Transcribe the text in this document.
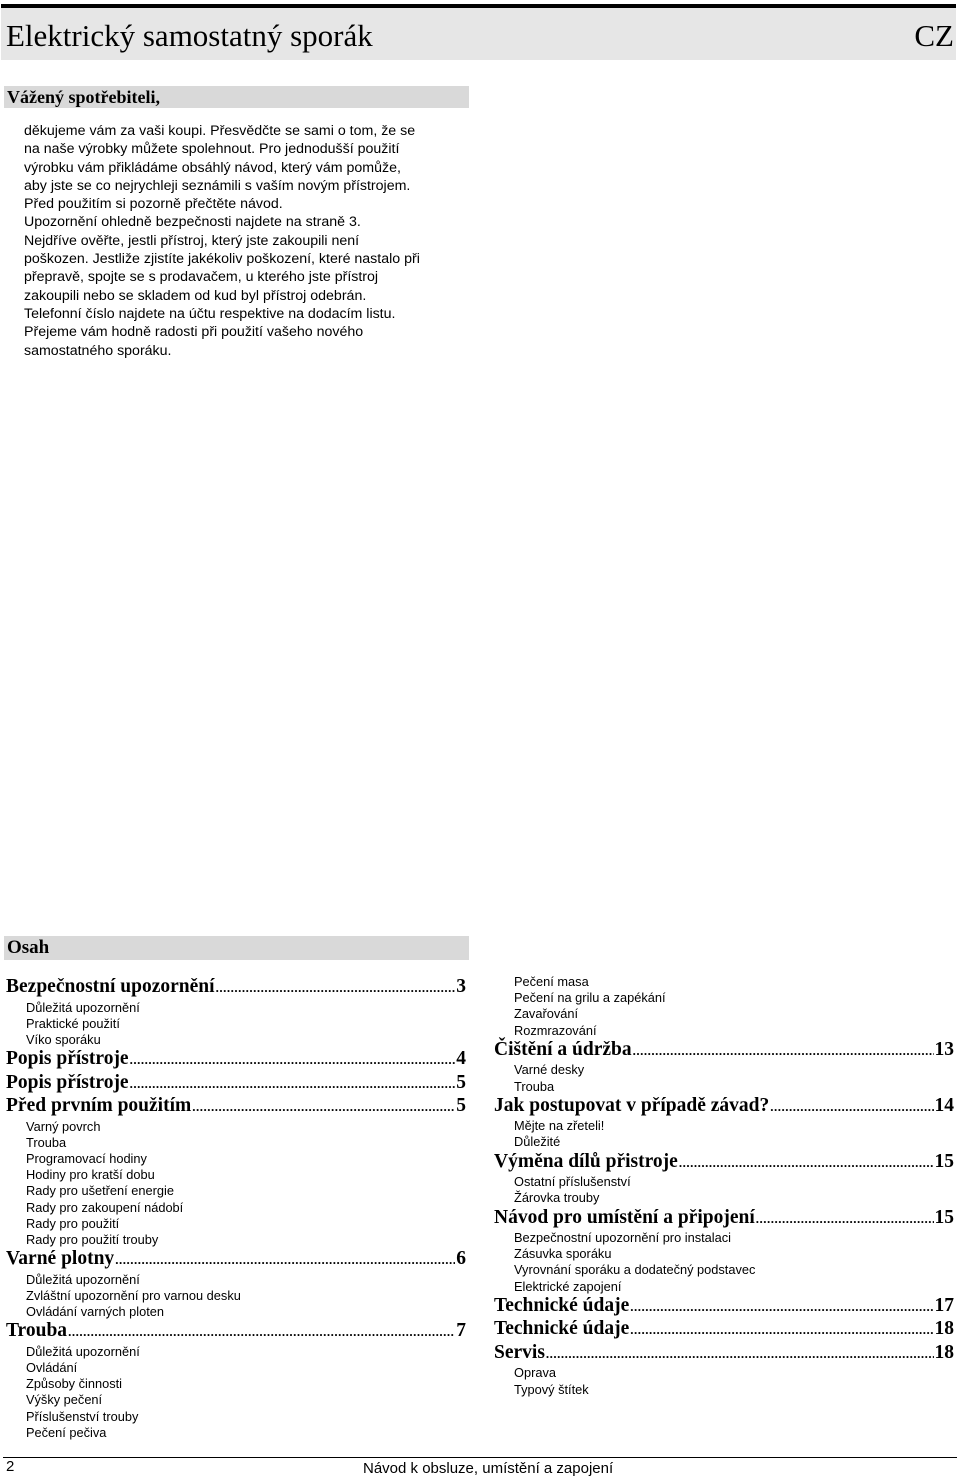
Elektrický samostatný sporák	CZ
Vážený spotřebiteli,

děkujeme vám za vaši koupi. Přesvědčte se sami o tom, že se

na naše výrobky můžete spolehnout. Pro jednodušší použití

výrobku vám přikládáme obsáhlý návod, který vám pomůže,

aby jste se co nejrychleji seznámili s vaším novým přístrojem.

Před použitím si pozorně přečtěte návod.

Upozornění ohledně bezpečnosti najdete na straně 3.

Nejdříve ověřte, jestli přístroj, který jste zakoupili není

poškozen. Jestliže zjistíte jakékoliv poškození, které nastalo při

přepravě, spojte se s prodavačem, u kterého jste přístroj

zakoupili nebo se skladem od kud byl přístroj odebrán.

Telefonní číslo najdete na účtu respektive na dodacím listu.

Přejeme vám hodně radosti při použití vašeho nového

samostatného sporáku.

Osah
Bezpečnostní upozornění .....	3
Důležitá upozornění
Praktické použití
Víko sporáku
Popis přístroje .....	4
Popis přístroje .....	5
Před prvním použitím .....	5
Varný povrch
Trouba
Programovací hodiny
Hodiny pro kratší dobu
Rady pro ušetření energie
Rady pro zakoupení nádobí
Rady pro použití
Rady pro použití trouby
Varné plotny .....	6
Důležitá upozornění
Zvláštní upozornění pro varnou desku
Ovládání varných ploten
Trouba .....	7
Důležitá upozornění
Ovládání
Způsoby činnosti
Výšky pečení
Příslušenství trouby
Pečení pečiva
Pečení masa
Pečení na grilu a zapékání
Zavařování
Rozmrazování
Čištění a údržba .....	13
Varné desky
Trouba
Jak postupovat v případě závad? .....	14
Mějte na zřeteli!
Důležité
Výměna dílů přistroje .....	15
Ostatní příslušenství
Žárovka trouby
Návod pro umístění a připojení .....	15
Bezpečnostní upozornění pro instalaci
Zásuvka sporáku
Vyrovnání sporáku a dodatečný podstavec
Elektrické zapojení
Technické údaje .....	17
Technické údaje .....	18
Servis .....	18
Oprava
Typový štítek
2	Návod k obsluze, umístění a zapojení
